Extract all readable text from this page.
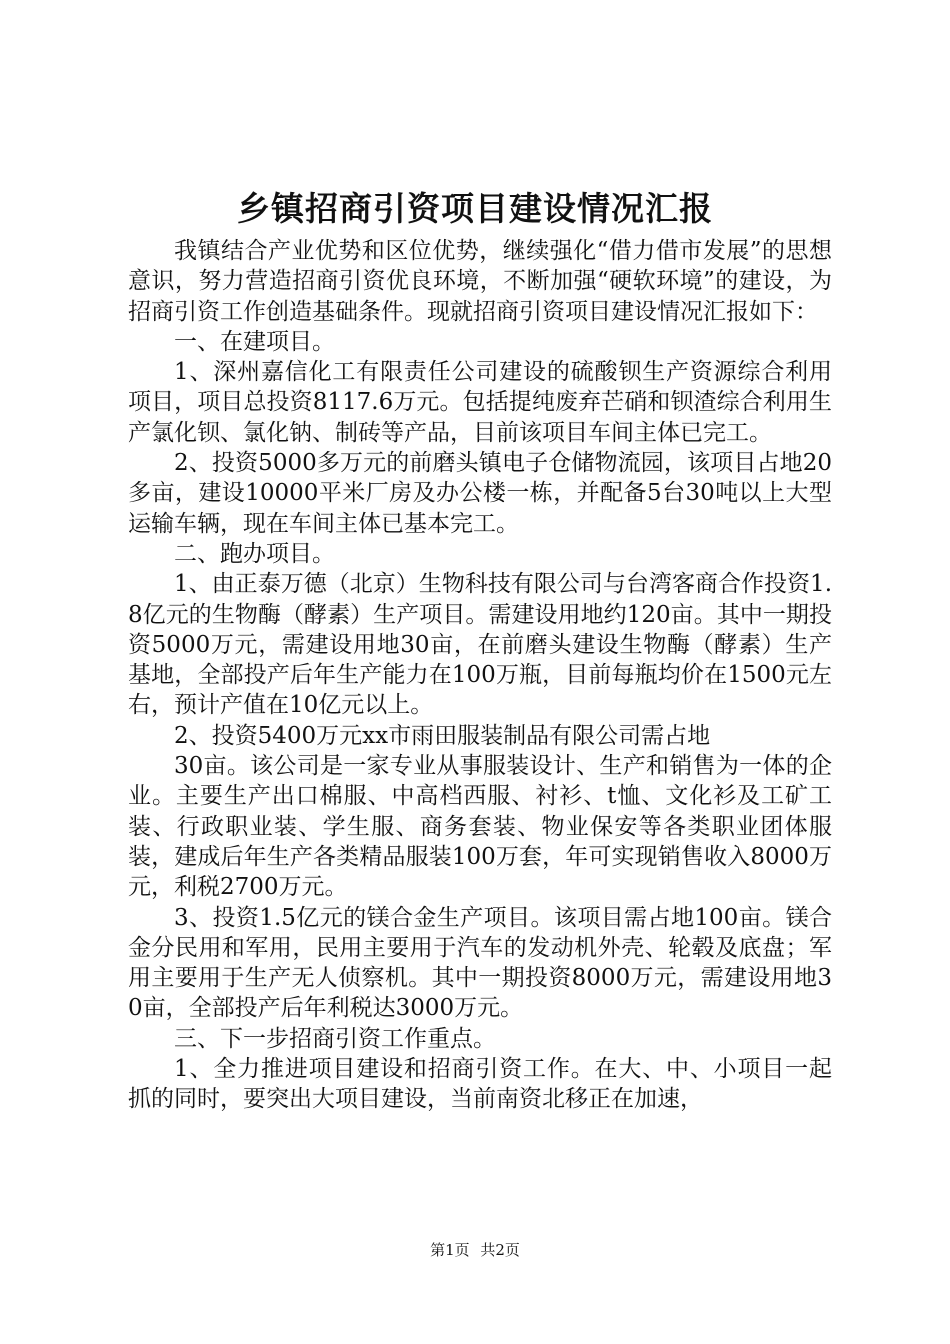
乡镇招商引资项目建设情况汇报

我镇结合产业优势和区位优势，继续强化“借力借市发展”的思想意识，努力营造招商引资优良环境，不断加强“硬软环境”的建设，为招商引资工作创造基础条件。现就招商引资项目建设情况汇报如下：

一、在建项目。

1、深州嘉信化工有限责任公司建设的硫酸钡生产资源综合利用项目，项目总投资8117.6万元。包括提纯废弃芒硝和钡渣综合利用生产氯化钡、氯化钠、制砖等产品，目前该项目车间主体已完工。

2、投资5000多万元的前磨头镇电子仓储物流园，该项目占地20多亩，建设10000平米厂房及办公楼一栋，并配备5台30吨以上大型运输车辆，现在车间主体已基本完工。

二、跑办项目。

1、由正泰万德（北京）生物科技有限公司与台湾客商合作投资1.8亿元的生物酶（酵素）生产项目。需建设用地约120亩。其中一期投资5000万元，需建设用地30亩，在前磨头建设生物酶（酵素）生产基地，全部投产后年生产能力在100万瓶，目前每瓶均价在1500元左右，预计产值在10亿元以上。

2、投资5400万元xx市雨田服装制品有限公司需占地

30亩。该公司是一家专业从事服装设计、生产和销售为一体的企业。主要生产出口棉服、中高档西服、衬衫、t恤、文化衫及工矿工装、行政职业装、学生服、商务套装、物业保安等各类职业团体服装，建成后年生产各类精品服装100万套，年可实现销售收入8000万元，利税2700万元。

3、投资1.5亿元的镁合金生产项目。该项目需占地100亩。镁合金分民用和军用，民用主要用于汽车的发动机外壳、轮毂及底盘；军用主要用于生产无人侦察机。其中一期投资8000万元，需建设用地30亩，全部投产后年利税达3000万元。

三、下一步招商引资工作重点。

1、全力推进项目建设和招商引资工作。在大、中、小项目一起抓的同时，要突出大项目建设，当前南资北移正在加速，

第1页 共2页
